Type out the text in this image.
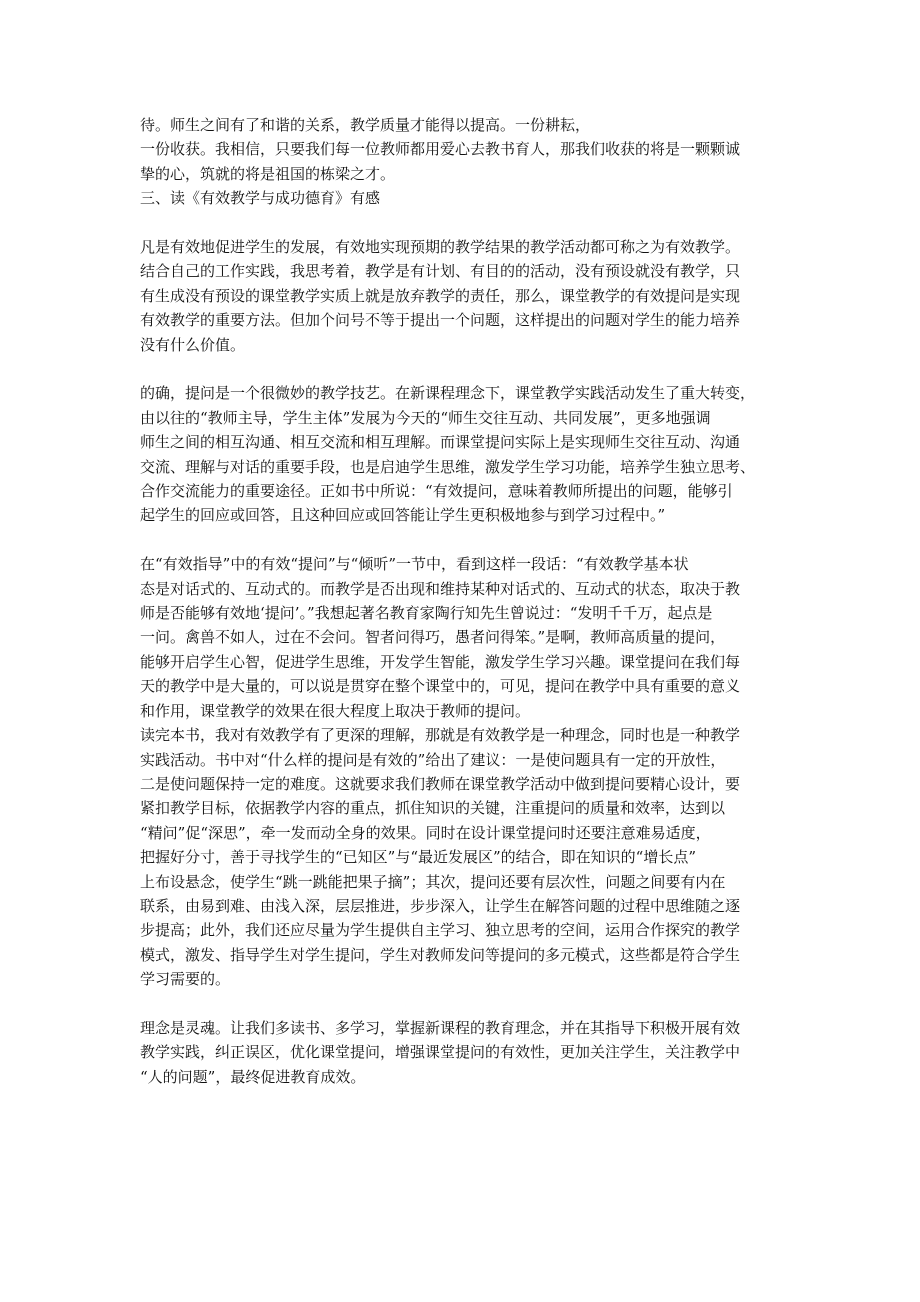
待。师生之间有了和谐的关系，教学质量才能得以提高。一份耕耘，
一份收获。我相信，只要我们每一位教师都用爱心去教书育人，那我们收获的将是一颗颗诚
挚的心，筑就的将是祖国的栋梁之才。
三、读《有效教学与成功德育》有感
凡是有效地促进学生的发展，有效地实现预期的教学结果的教学活动都可称之为有效教学。
结合自己的工作实践，我思考着，教学是有计划、有目的的活动，没有预设就没有教学，只
有生成没有预设的课堂教学实质上就是放弃教学的责任，那么，课堂教学的有效提问是实现
有效教学的重要方法。但加个问号不等于提出一个问题，这样提出的问题对学生的能力培养
没有什么价值。
的确，提问是一个很微妙的教学技艺。在新课程理念下，课堂教学实践活动发生了重大转变，
由以往的“教师主导，学生主体”发展为今天的“师生交往互动、共同发展”，更多地强调
师生之间的相互沟通、相互交流和相互理解。而课堂提问实际上是实现师生交往互动、沟通
交流、理解与对话的重要手段，也是启迪学生思维，激发学生学习功能，培养学生独立思考、
合作交流能力的重要途径。正如书中所说：“有效提问，意味着教师所提出的问题，能够引
起学生的回应或回答，且这种回应或回答能让学生更积极地参与到学习过程中。”
在“有效指导”中的有效“提问”与“倾听”一节中，看到这样一段话：“有效教学基本状
态是对话式的、互动式的。而教学是否出现和维持某种对话式的、互动式的状态，取决于教
师是否能够有效地‘提问’。”我想起著名教育家陶行知先生曾说过：“发明千千万，起点是
一问。禽兽不如人，过在不会问。智者问得巧，愚者问得笨。”是啊，教师高质量的提问，
能够开启学生心智，促进学生思维，开发学生智能，激发学生学习兴趣。课堂提问在我们每
天的教学中是大量的，可以说是贯穿在整个课堂中的，可见，提问在教学中具有重要的意义
和作用，课堂教学的效果在很大程度上取决于教师的提问。
读完本书，我对有效教学有了更深的理解，那就是有效教学是一种理念，同时也是一种教学
实践活动。书中对“什么样的提问是有效的”给出了建议：一是使问题具有一定的开放性，
二是使问题保持一定的难度。这就要求我们教师在课堂教学活动中做到提问要精心设计，要
紧扣教学目标，依据教学内容的重点，抓住知识的关键，注重提问的质量和效率，达到以
“精问”促“深思”，牵一发而动全身的效果。同时在设计课堂提问时还要注意难易适度，
把握好分寸，善于寻找学生的“已知区”与“最近发展区”的结合，即在知识的“增长点”
上布设悬念，使学生“跳一跳能把果子摘”；其次，提问还要有层次性，问题之间要有内在
联系，由易到难、由浅入深，层层推进，步步深入，让学生在解答问题的过程中思维随之逐
步提高；此外，我们还应尽量为学生提供自主学习、独立思考的空间，运用合作探究的教学
模式，激发、指导学生对学生提问，学生对教师发问等提问的多元模式，这些都是符合学生
学习需要的。
理念是灵魂。让我们多读书、多学习，掌握新课程的教育理念，并在其指导下积极开展有效
教学实践，纠正误区，优化课堂提问，增强课堂提问的有效性，更加关注学生，关注教学中
“人的问题”，最终促进教育成效。
